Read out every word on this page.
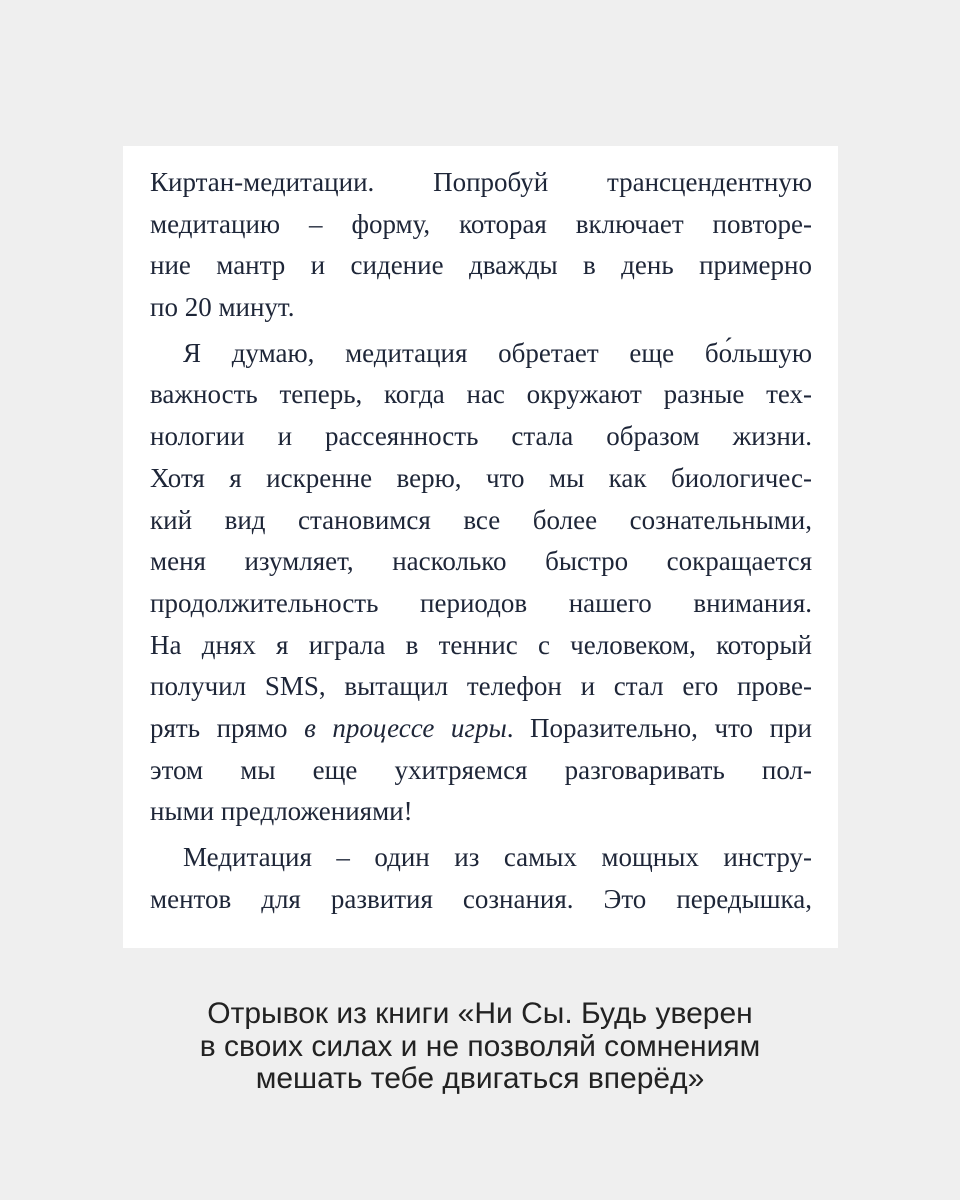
Киртан-медитации. Попробуй трансцендентную
медитацию – форму, которая включает повторе-
ние мантр и сидение дважды в день примерно
по 20 минут.
Я думаю, медитация обретает еще бо́льшую
важность теперь, когда нас окружают разные тех-
нологии и рассеянность стала образом жизни.
Хотя я искренне верю, что мы как биологичес-
кий вид становимся все более сознательными,
меня изумляет, насколько быстро сокращается
продолжительность периодов нашего внимания.
На днях я играла в теннис с человеком, который
получил SMS, вытащил телефон и стал его прове-
рять прямо в процессе игры. Поразительно, что при
этом мы еще ухитряемся разговаривать пол-
ными предложениями!
Медитация – один из самых мощных инстру-
ментов для развития сознания. Это передышка,
Отрывок из книги «Ни Сы. Будь уверен
в своих силах и не позволяй сомнениям
мешать тебе двигаться вперёд»
